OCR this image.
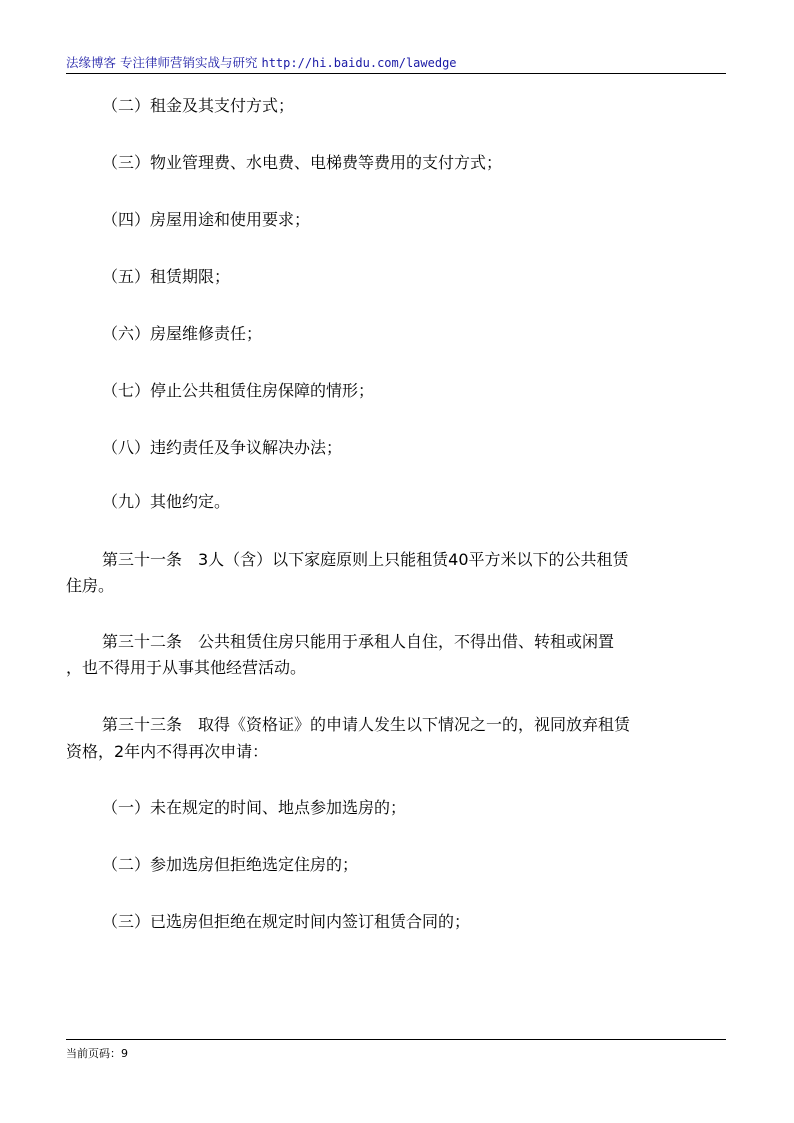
法缘博客 专注律师营销实战与研究 http://hi.baidu.com/lawedge
（二）租金及其支付方式；
（三）物业管理费、水电费、电梯费等费用的支付方式；
（四）房屋用途和使用要求；
（五）租赁期限；
（六）房屋维修责任；
（七）停止公共租赁住房保障的情形；
（八）违约责任及争议解决办法；
（九）其他约定。
第三十一条　3人（含）以下家庭原则上只能租赁40平方米以下的公共租赁
住房。
第三十二条　公共租赁住房只能用于承租人自住，不得出借、转租或闲置
，也不得用于从事其他经营活动。
第三十三条　取得《资格证》的申请人发生以下情况之一的，视同放弃租赁
资格，2年内不得再次申请：
（一）未在规定的时间、地点参加选房的；
（二）参加选房但拒绝选定住房的；
（三）已选房但拒绝在规定时间内签订租赁合同的；
当前页码：9
